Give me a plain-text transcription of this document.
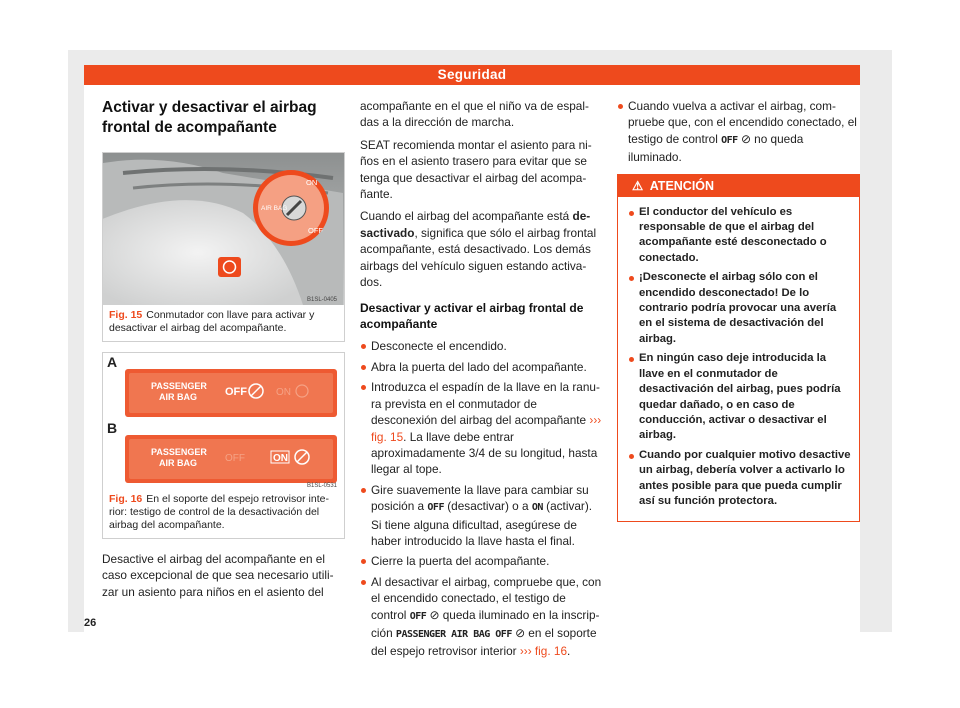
Seguridad
Activar y desactivar el airbag frontal de acompañante
ON
OFF
AIR BAG
B1SL-0405
Fig. 15 Conmutador con llave para activar y desactivar el airbag del acompañante.
A
PASSENGER
AIR BAG	OFF	ON
B
PASSENGER
AIR BAG	OFF	ON
B1SL-0531
Fig. 16 En el soporte del espejo retrovisor interior: testigo de control de la desactivación del airbag del acompañante.

Desactive el airbag del acompañante en el caso excepcional de que sea necesario utilizar un asiento para niños en el asiento del

acompañante en el que el niño va de espaldas a la dirección de marcha.

SEAT recomienda montar el asiento para niños en el asiento trasero para evitar que se tenga que desactivar el airbag del acompañante.

Cuando el airbag del acompañante está desactivado, significa que sólo el airbag frontal acompañante, está desactivado. Los demás airbags del vehículo siguen estando activados.

Desactivar y activar el airbag frontal de acompañante
Desconecte el encendido.
Abra la puerta del lado del acompañante.
Introduzca el espadín de la llave en la ranura prevista en el conmutador de desconexión del airbag del acompañante ››› fig. 15. La llave debe entrar aproximadamente 3/4 de su longitud, hasta llegar al tope.
Gire suavemente la llave para cambiar su posición a OFF (desactivar) o a ON (activar). Si tiene alguna dificultad, asegúrese de haber introducido la llave hasta el final.
Cierre la puerta del acompañante.
Al desactivar el airbag, compruebe que, con el encendido conectado, el testigo de control OFF ⊘ queda iluminado en la inscripción PASSENGER AIR BAG OFF ⊘ en el soporte del espejo retrovisor interior ››› fig. 16.
Cuando vuelva a activar el airbag, compruebe que, con el encendido conectado, el testigo de control OFF ⊘ no queda iluminado.
⚠ ATENCIÓN
El conductor del vehículo es responsable de que el airbag del acompañante esté desconectado o conectado.
¡Desconecte el airbag sólo con el encendido desconectado! De lo contrario podría provocar una avería en el sistema de desactivación del airbag.
En ningún caso deje introducida la llave en el conmutador de desactivación del airbag, pues podría quedar dañado, o en caso de conducción, activar o desactivar el airbag.
Cuando por cualquier motivo desactive un airbag, debería volver a activarlo lo antes posible para que pueda cumplir así su función protectora.
26
